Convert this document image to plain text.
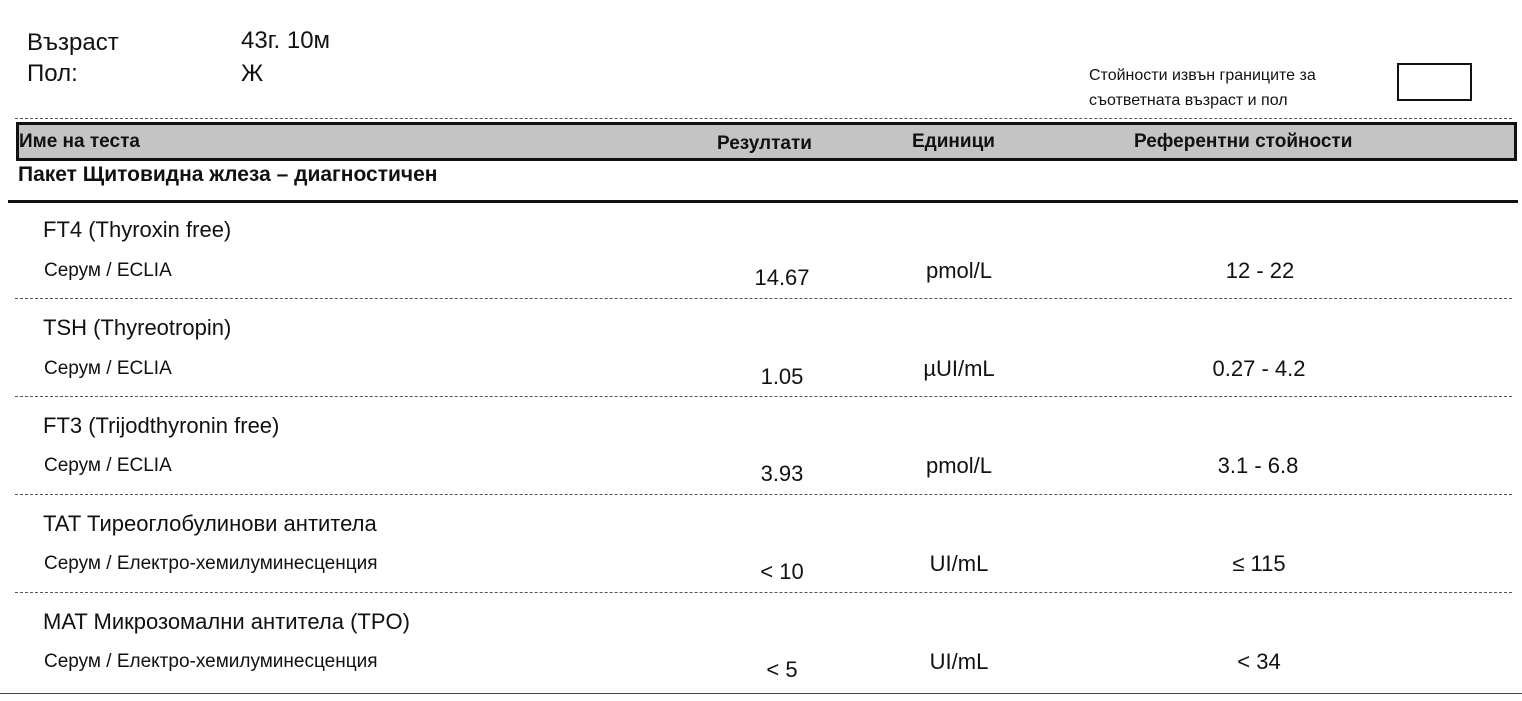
Възраст	43г. 10м
Пол:	Ж	Стойности извън границите за
съответната възраст и пол
Име на теста	Резултати	Единици	Референтни стойности
Пакет Щитовидна жлеза – диагностичен
FT4 (Thyroxin free)
Серум / ECLIA	14.67	pmol/L	12 - 22
TSH (Thyreotropin)
Серум / ECLIA	1.05	µUI/mL	0.27 - 4.2
FT3 (Trijodthyronin free)
Серум / ECLIA	3.93	pmol/L	3.1 - 6.8
TAT Тиреоглобулинови антитела
Серум / Електро-хемилуминесценция	< 10	UI/mL	≤ 115
MAT Микрозомални антитела (TPO)
Серум / Електро-хемилуминесценция	< 5	UI/mL	< 34
